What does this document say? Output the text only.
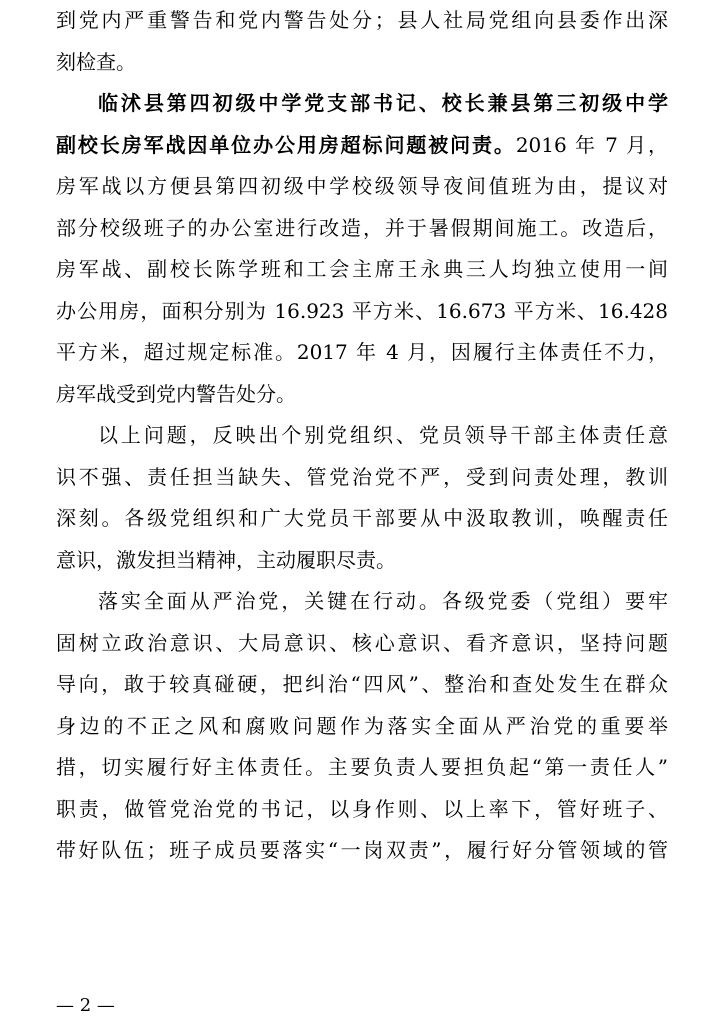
到党内严重警告和党内警告处分；县人社局党组向县委作出深
刻检查。
临沭县第四初级中学党支部书记、校长兼县第三初级中学
副校长房军战因单位办公用房超标问题被问责。2016 年 7 月，
房军战以方便县第四初级中学校级领导夜间值班为由，提议对
部分校级班子的办公室进行改造，并于暑假期间施工。改造后，
房军战、副校长陈学班和工会主席王永典三人均独立使用一间
办公用房，面积分别为 16.923 平方米、16.673 平方米、16.428
平方米，超过规定标准。2017 年 4 月，因履行主体责任不力，
房军战受到党内警告处分。
以上问题，反映出个别党组织、党员领导干部主体责任意
识不强、责任担当缺失、管党治党不严，受到问责处理，教训
深刻。各级党组织和广大党员干部要从中汲取教训，唤醒责任
意识，激发担当精神，主动履职尽责。
落实全面从严治党，关键在行动。各级党委（党组）要牢
固树立政治意识、大局意识、核心意识、看齐意识，坚持问题
导向，敢于较真碰硬，把纠治“四风”、整治和查处发生在群众
身边的不正之风和腐败问题作为落实全面从严治党的重要举
措，切实履行好主体责任。主要负责人要担负起“第一责任人”
职责，做管党治党的书记，以身作则、以上率下，管好班子、
带好队伍；班子成员要落实“一岗双责”，履行好分管领域的管
— 2 —
